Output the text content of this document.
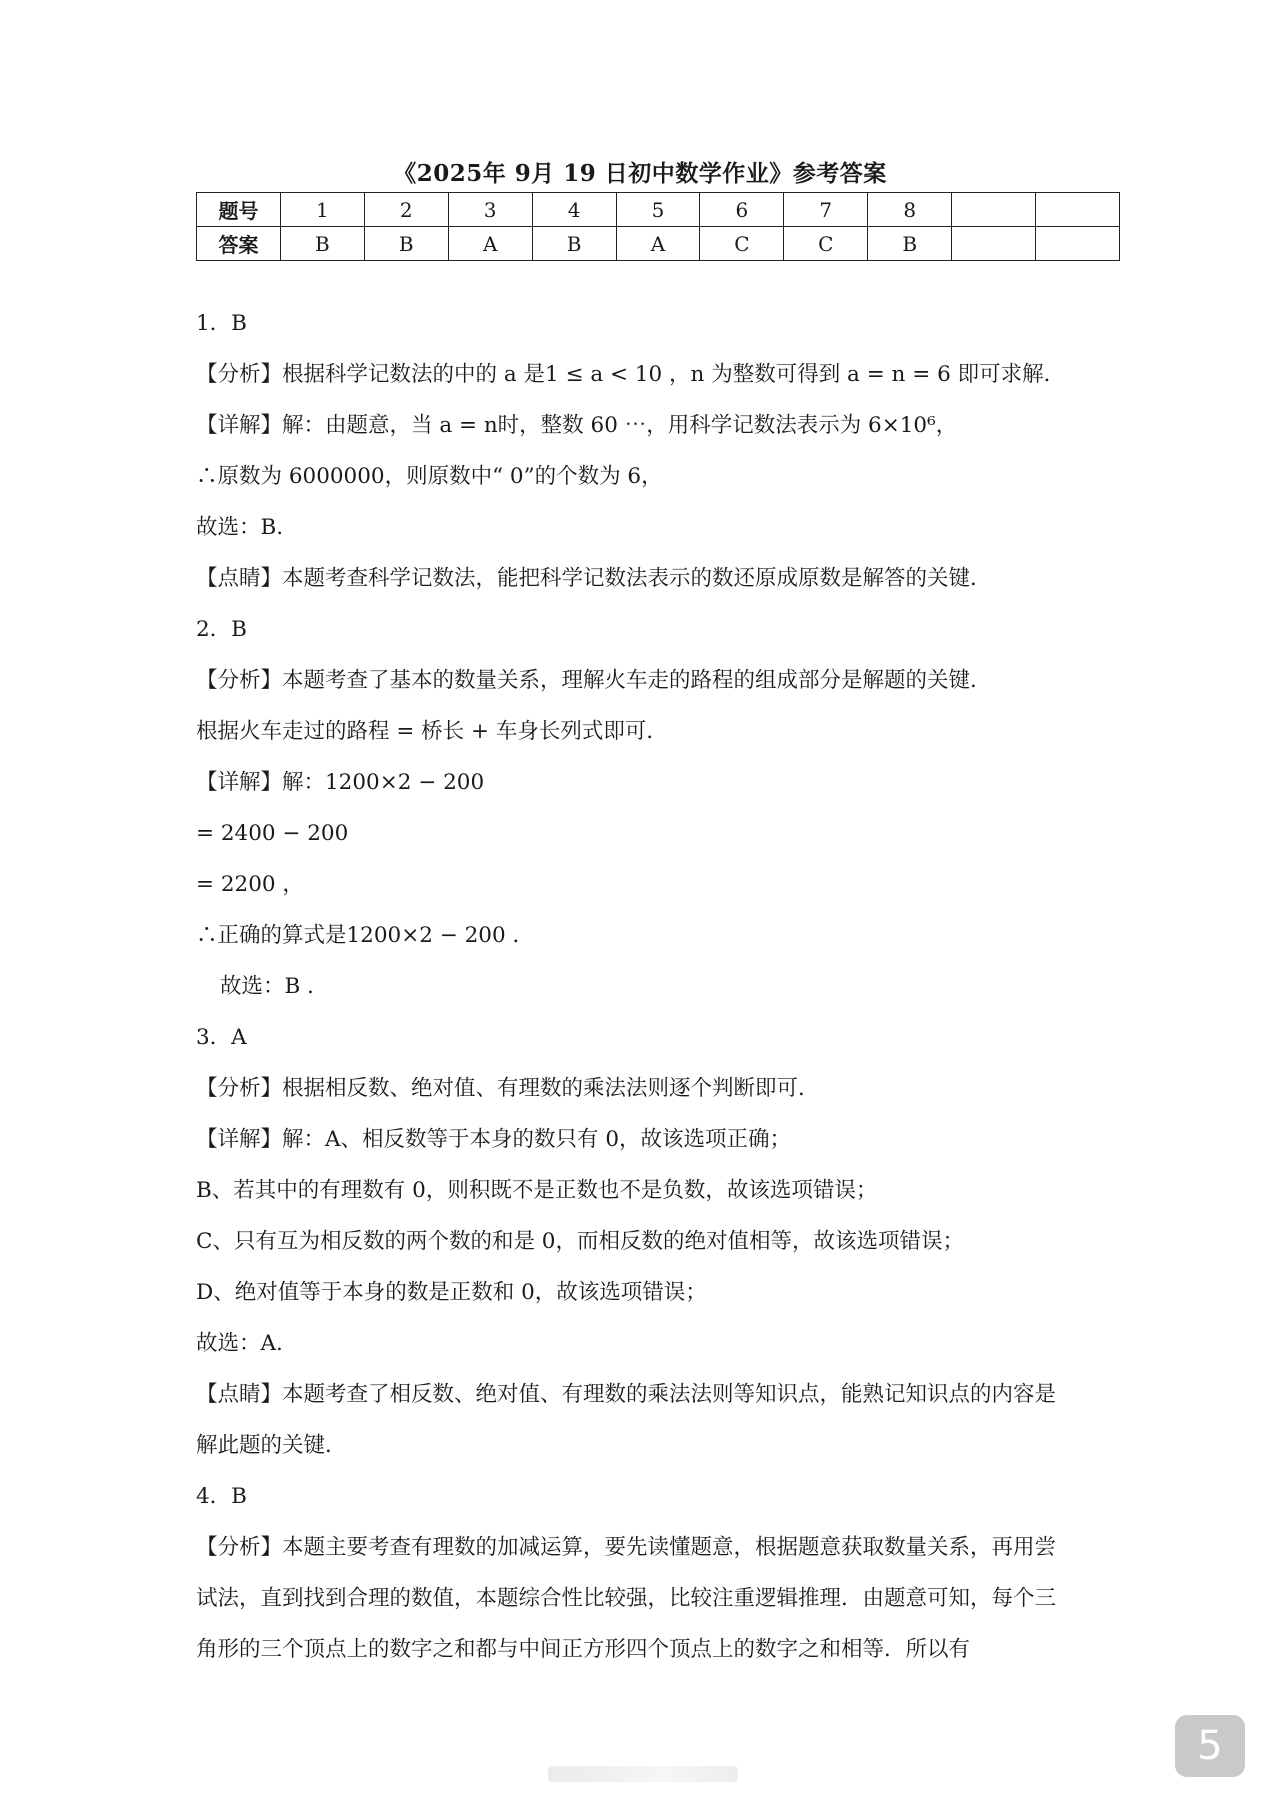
《2025年 9月 19 日初中数学作业》参考答案
题号	1	2	3	4	5	6	7	8		
答案	B	B	A	B	A	C	C	B		
1．B
【分析】根据科学记数法的中的 a 是1 ≤ a < 10 ，n 为整数可得到 a = n = 6 即可求解．
【详解】解：由题意，当 a = n时，整数 60 ⋯，用科学记数法表示为 6×10⁶，
∴原数为 6000000，则原数中“ 0”的个数为 6，
故选：B.
【点睛】本题考查科学记数法，能把科学记数法表示的数还原成原数是解答的关键．
2．B
【分析】本题考查了基本的数量关系，理解火车走的路程的组成部分是解题的关键．
根据火车走过的路程 = 桥长 + 车身长列式即可．
【详解】解：1200×2 − 200
= 2400 − 200
= 2200 ，
∴正确的算式是1200×2 − 200 ．
故选：B ．
3．A
【分析】根据相反数、绝对值、有理数的乘法法则逐个判断即可．
【详解】解：A、相反数等于本身的数只有 0，故该选项正确；
B、若其中的有理数有 0，则积既不是正数也不是负数，故该选项错误；
C、只有互为相反数的两个数的和是 0，而相反数的绝对值相等，故该选项错误；
D、绝对值等于本身的数是正数和 0，故该选项错误；
故选：A.
【点睛】本题考查了相反数、绝对值、有理数的乘法法则等知识点，能熟记知识点的内容是
解此题的关键．
4．B
【分析】本题主要考查有理数的加减运算，要先读懂题意，根据题意获取数量关系，再用尝
试法，直到找到合理的数值，本题综合性比较强，比较注重逻辑推理．由题意可知，每个三
角形的三个顶点上的数字之和都与中间正方形四个顶点上的数字之和相等．所以有
5
